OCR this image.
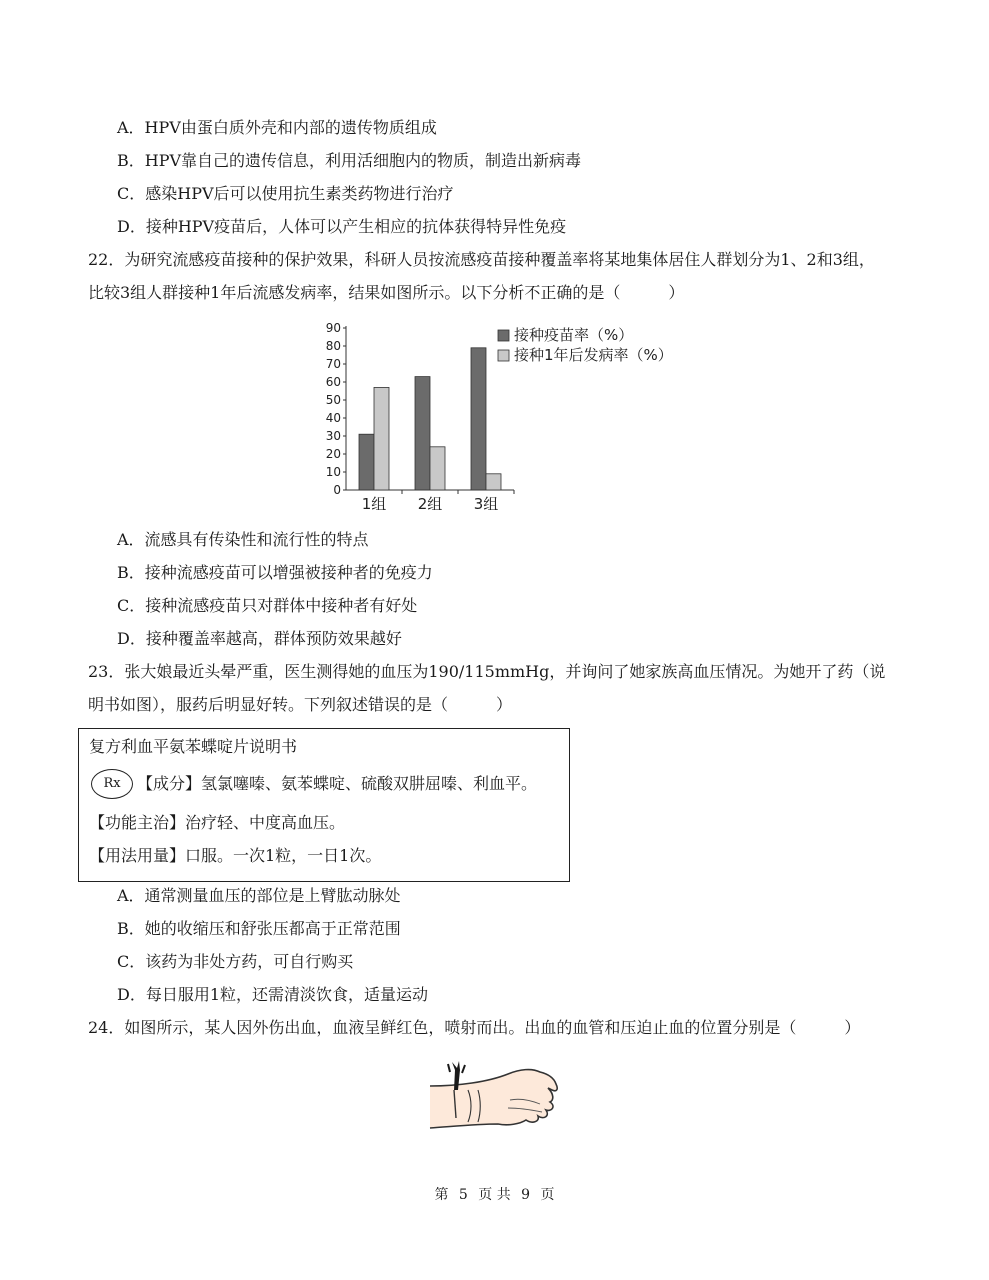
A．HPV由蛋白质外壳和内部的遗传物质组成
B．HPV靠自己的遗传信息，利用活细胞内的物质，制造出新病毒
C．感染HPV后可以使用抗生素类药物进行治疗
D．接种HPV疫苗后，人体可以产生相应的抗体获得特异性免疫
22．为研究流感疫苗接种的保护效果，科研人员按流感疫苗接种覆盖率将某地集体居住人群划分为1、2和3组，
比较3组人群接种1年后流感发病率，结果如图所示。以下分析不正确的是（　　　）
0
10
20
30
40
50
60
70
80
90
1组 2组 3组
接种疫苗率（%）
接种1年后发病率（%）
A．流感具有传染性和流行性的特点
B．接种流感疫苗可以增强被接种者的免疫力
C．接种流感疫苗只对群体中接种者有好处
D．接种覆盖率越高，群体预防效果越好
23．张大娘最近头晕严重，医生测得她的血压为190/115mmHg，并询问了她家族高血压情况。为她开了药（说
明书如图），服药后明显好转。下列叙述错误的是（　　　）
复方利血平氨苯蝶啶片说明书
Rx	【成分】氢氯噻嗪、氨苯蝶啶、硫酸双肼屈嗪、利血平。
【功能主治】治疗轻、中度高血压。
【用法用量】口服。一次1粒，一日1次。
A．通常测量血压的部位是上臂肱动脉处
B．她的收缩压和舒张压都高于正常范围
C．该药为非处方药，可自行购买
D．每日服用1粒，还需清淡饮食，适量运动
24．如图所示，某人因外伤出血，血液呈鲜红色，喷射而出。出血的血管和压迫止血的位置分别是（　　　）
第 5 页 共 9 页
